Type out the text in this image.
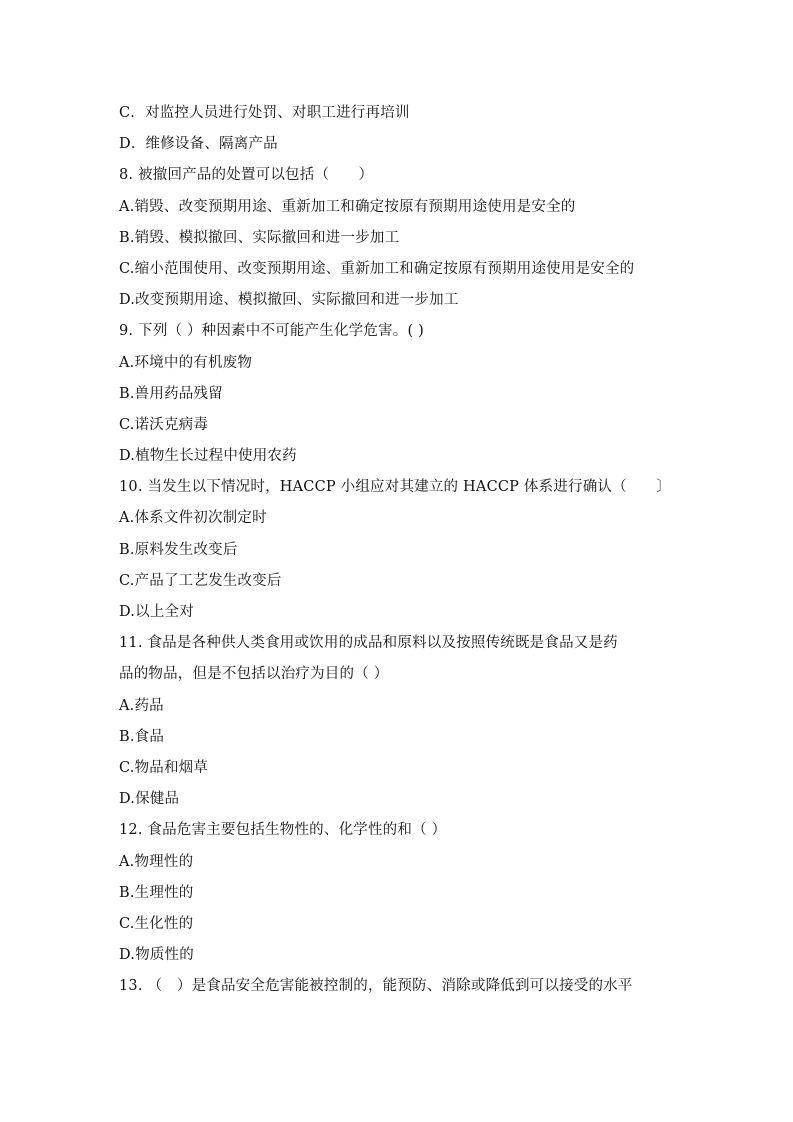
C．对监控人员进行处罚、对职工进行再培训
D．维修设备、隔离产品
8. 被撤回产品的处置可以包括（　　）
A.销毁、改变预期用途、重新加工和确定按原有预期用途使用是安全的
B.销毁、模拟撤回、实际撤回和进一步加工
C.缩小范围使用、改变预期用途、重新加工和确定按原有预期用途使用是安全的
D.改变预期用途、模拟撤回、实际撤回和进一步加工
9. 下列（ ）种因素中不可能产生化学危害。( )
A.环境中的有机废物
B.兽用药品残留
C.诺沃克病毒
D.植物生长过程中使用农药
10. 当发生以下情况时，HACCP 小组应对其建立的 HACCP 体系进行确认（　　〕
A.体系文件初次制定时
B.原料发生改变后
C.产品了工艺发生改变后
D.以上全对
11. 食品是各种供人类食用或饮用的成品和原料以及按照传统既是食品又是药
品的物品，但是不包括以治疗为目的（ ）
A.药品
B.食品
C.物品和烟草
D.保健品
12. 食品危害主要包括生物性的、化学性的和（ ）
A.物理性的
B.生理性的
C.生化性的
D.物质性的
13. （　）是食品安全危害能被控制的，能预防、消除或降低到可以接受的水平
